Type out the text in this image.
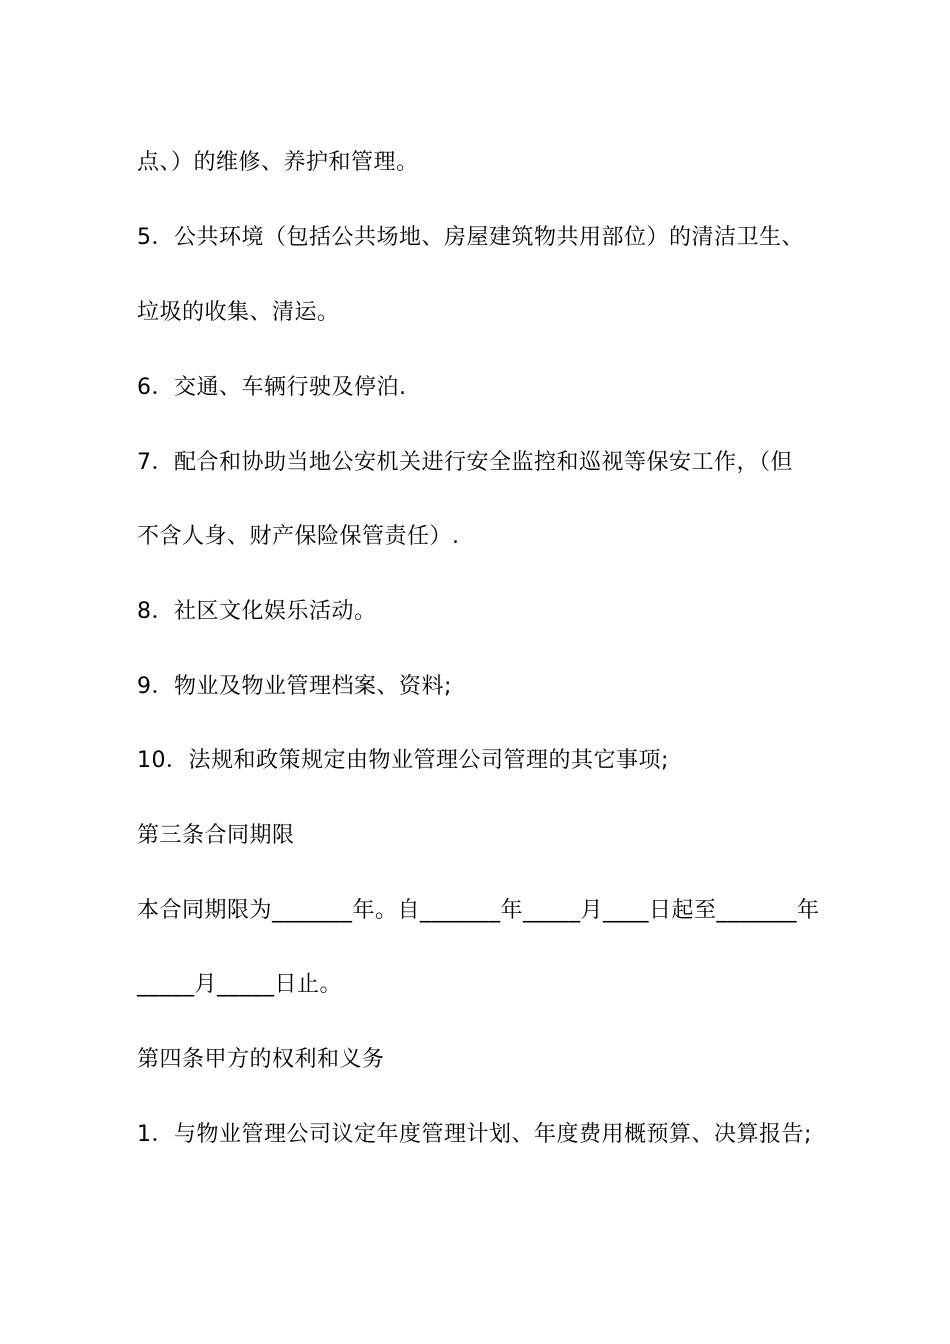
点、）的维修、养护和管理。
5．公共环境（包括公共场地、房屋建筑物共用部位）的清洁卫生、
垃圾的收集、清运。
6．交通、车辆行驶及停泊.
7．配合和协助当地公安机关进行安全监控和巡视等保安工作，（但
不含人身、财产保险保管责任）.
8．社区文化娱乐活动。
9．物业及物业管理档案、资料;
10．法规和政策规定由物业管理公司管理的其它事项;
第三条合同期限
本合同期限为_______年。自_______年_____月____日起至_______年
_____月_____日止。
第四条甲方的权利和义务
1．与物业管理公司议定年度管理计划、年度费用概预算、决算报告;
